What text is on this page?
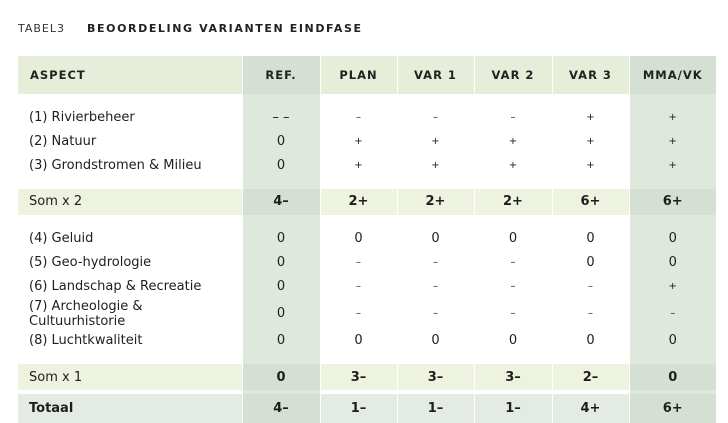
TABEL3 BEOORDELING VARIANTEN EINDFASE
ASPECT	REF.	PLAN	VAR 1	VAR 2	VAR 3	MMA/VK

(1) Rivierbeheer	– –	–	–	–	+	+
(2) Natuur	0	+	+	+	+	+
(3) Grondstromen & Milieu	0	+	+	+	+	+

Som x 2	4–	2+	2+	2+	6+	6+

(4) Geluid	0	0	0	0	0	0
(5) Geo-hydrologie	0	–	–	–	0	0
(6) Landschap & Recreatie	0	–	–	–	–	+
(7) Archeologie & Cultuurhistorie	0	–	–	–	–	–
(8) Luchtkwaliteit	0	0	0	0	0	0

Som x 1	0	3–	3–	3–	2–	0

Totaal	4–	1–	1–	1–	4+	6+
